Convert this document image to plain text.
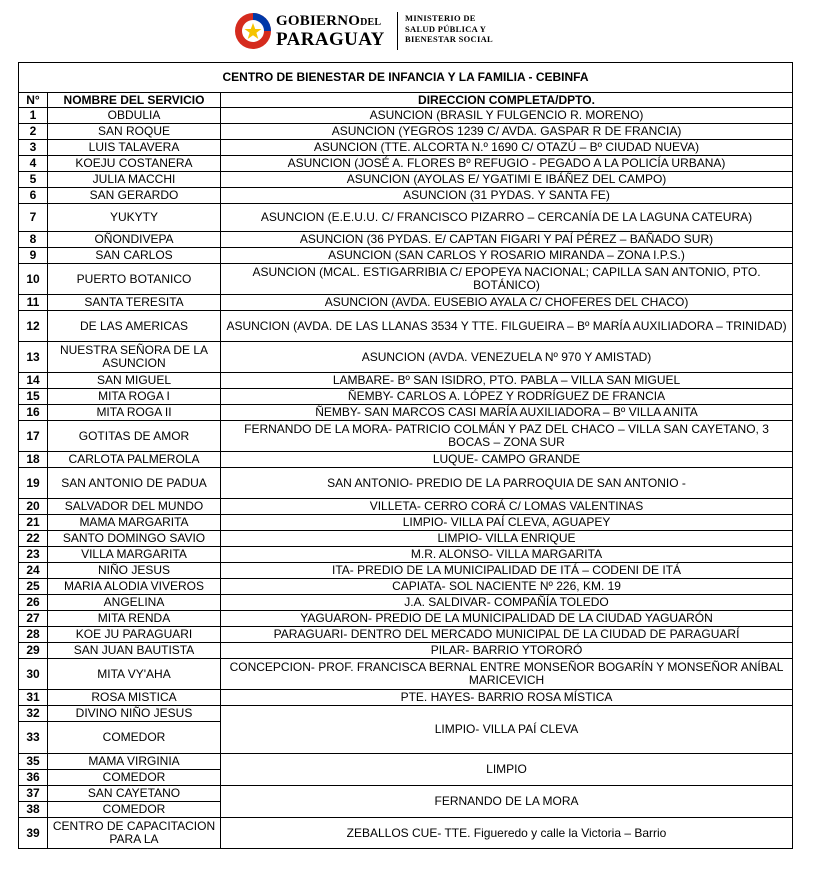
GOBIERNODEL
PARAGUAY
MINISTERIO DE
SALUD PÚBLICA Y
BIENESTAR SOCIAL
CENTRO DE BIENESTAR DE INFANCIA Y LA FAMILIA - CEBINFA		
N°	NOMBRE DEL SERVICIO	DIRECCION COMPLETA/DPTO.
1	OBDULIA	ASUNCION (BRASIL Y FULGENCIO R. MORENO)
2	SAN ROQUE	ASUNCION (YEGROS 1239 C/ AVDA. GASPAR R DE FRANCIA)
3	LUIS TALAVERA	ASUNCION (TTE. ALCORTA N.º 1690 C/ OTAZÚ – Bº CIUDAD NUEVA)
4	KOEJU COSTANERA	ASUNCION (JOSÉ A. FLORES Bº REFUGIO - PEGADO A LA POLICÍA URBANA)
5	JULIA MACCHI	ASUNCION (AYOLAS E/ YGATIMI E IBÁÑEZ DEL CAMPO)
6	SAN GERARDO	ASUNCION (31 PYDAS. Y SANTA FE)
7	YUKYTY	ASUNCION (E.E.U.U. C/ FRANCISCO PIZARRO – CERCANÍA DE LA LAGUNA CATEURA)
8	OÑONDIVEPA	ASUNCION (36 PYDAS. E/ CAPTAN FIGARI Y PAÍ PÉREZ – BAÑADO SUR)
9	SAN CARLOS	ASUNCION (SAN CARLOS Y ROSARIO MIRANDA – ZONA I.P.S.)
10	PUERTO BOTANICO	ASUNCION (MCAL. ESTIGARRIBIA C/ EPOPEYA NACIONAL; CAPILLA SAN ANTONIO, PTO. BOTÁNICO)
11	SANTA TERESITA	ASUNCION (AVDA. EUSEBIO AYALA C/ CHOFERES DEL CHACO)
12	DE LAS AMERICAS	ASUNCION (AVDA. DE LAS LLANAS 3534 Y TTE. FILGUEIRA – Bº MARÍA AUXILIADORA – TRINIDAD)
13	NUESTRA SEÑORA DE LA ASUNCION	ASUNCION (AVDA. VENEZUELA Nº 970 Y AMISTAD)
14	SAN MIGUEL	LAMBARE- Bº SAN ISIDRO, PTO. PABLA – VILLA SAN MIGUEL
15	MITA ROGA I	ÑEMBY- CARLOS A. LÓPEZ Y RODRÍGUEZ DE FRANCIA
16	MITA ROGA II	ÑEMBY- SAN MARCOS CASI MARÍA AUXILIADORA – Bº VILLA ANITA
17	GOTITAS DE AMOR	FERNANDO DE LA MORA- PATRICIO COLMÁN Y PAZ DEL CHACO – VILLA SAN CAYETANO, 3 BOCAS – ZONA SUR
18	CARLOTA PALMEROLA	LUQUE- CAMPO GRANDE
19	SAN ANTONIO DE PADUA	SAN ANTONIO- PREDIO DE LA PARROQUIA DE SAN ANTONIO -
20	SALVADOR DEL MUNDO	VILLETA- CERRO CORÁ C/ LOMAS VALENTINAS
21	MAMA MARGARITA	LIMPIO- VILLA PAÍ CLEVA, AGUAPEY
22	SANTO DOMINGO SAVIO	LIMPIO- VILLA ENRIQUE
23	VILLA MARGARITA	M.R. ALONSO- VILLA MARGARITA
24	NIÑO JESUS	ITA- PREDIO DE LA MUNICIPALIDAD DE ITÁ – CODENI DE ITÁ
25	MARIA ALODIA VIVEROS	CAPIATA- SOL NACIENTE Nº 226, KM. 19
26	ANGELINA	J.A. SALDIVAR- COMPAÑÍA TOLEDO
27	MITA RENDA	YAGUARON- PREDIO DE LA MUNICIPALIDAD DE LA CIUDAD YAGUARÓN
28	KOE JU PARAGUARI	PARAGUARI- DENTRO DEL MERCADO MUNICIPAL DE LA CIUDAD DE PARAGUARÍ
29	SAN JUAN BAUTISTA	PILAR- BARRIO YTORORÓ
30	MITA VY'AHA	CONCEPCION- PROF. FRANCISCA BERNAL ENTRE MONSEÑOR BOGARÍN Y MONSEÑOR ANÍBAL MARICEVICH
31	ROSA MISTICA	PTE. HAYES- BARRIO ROSA MÍSTICA
32	DIVINO NIÑO JESUS	LIMPIO- VILLA PAÍ CLEVA
33	COMEDOR	
35	MAMA VIRGINIA	LIMPIO
36	COMEDOR	
37	SAN CAYETANO	FERNANDO DE LA MORA
38	COMEDOR	
39	CENTRO DE CAPACITACION PARA LA	ZEBALLOS CUE- TTE. Figueredo y calle la Victoria – Barrio
